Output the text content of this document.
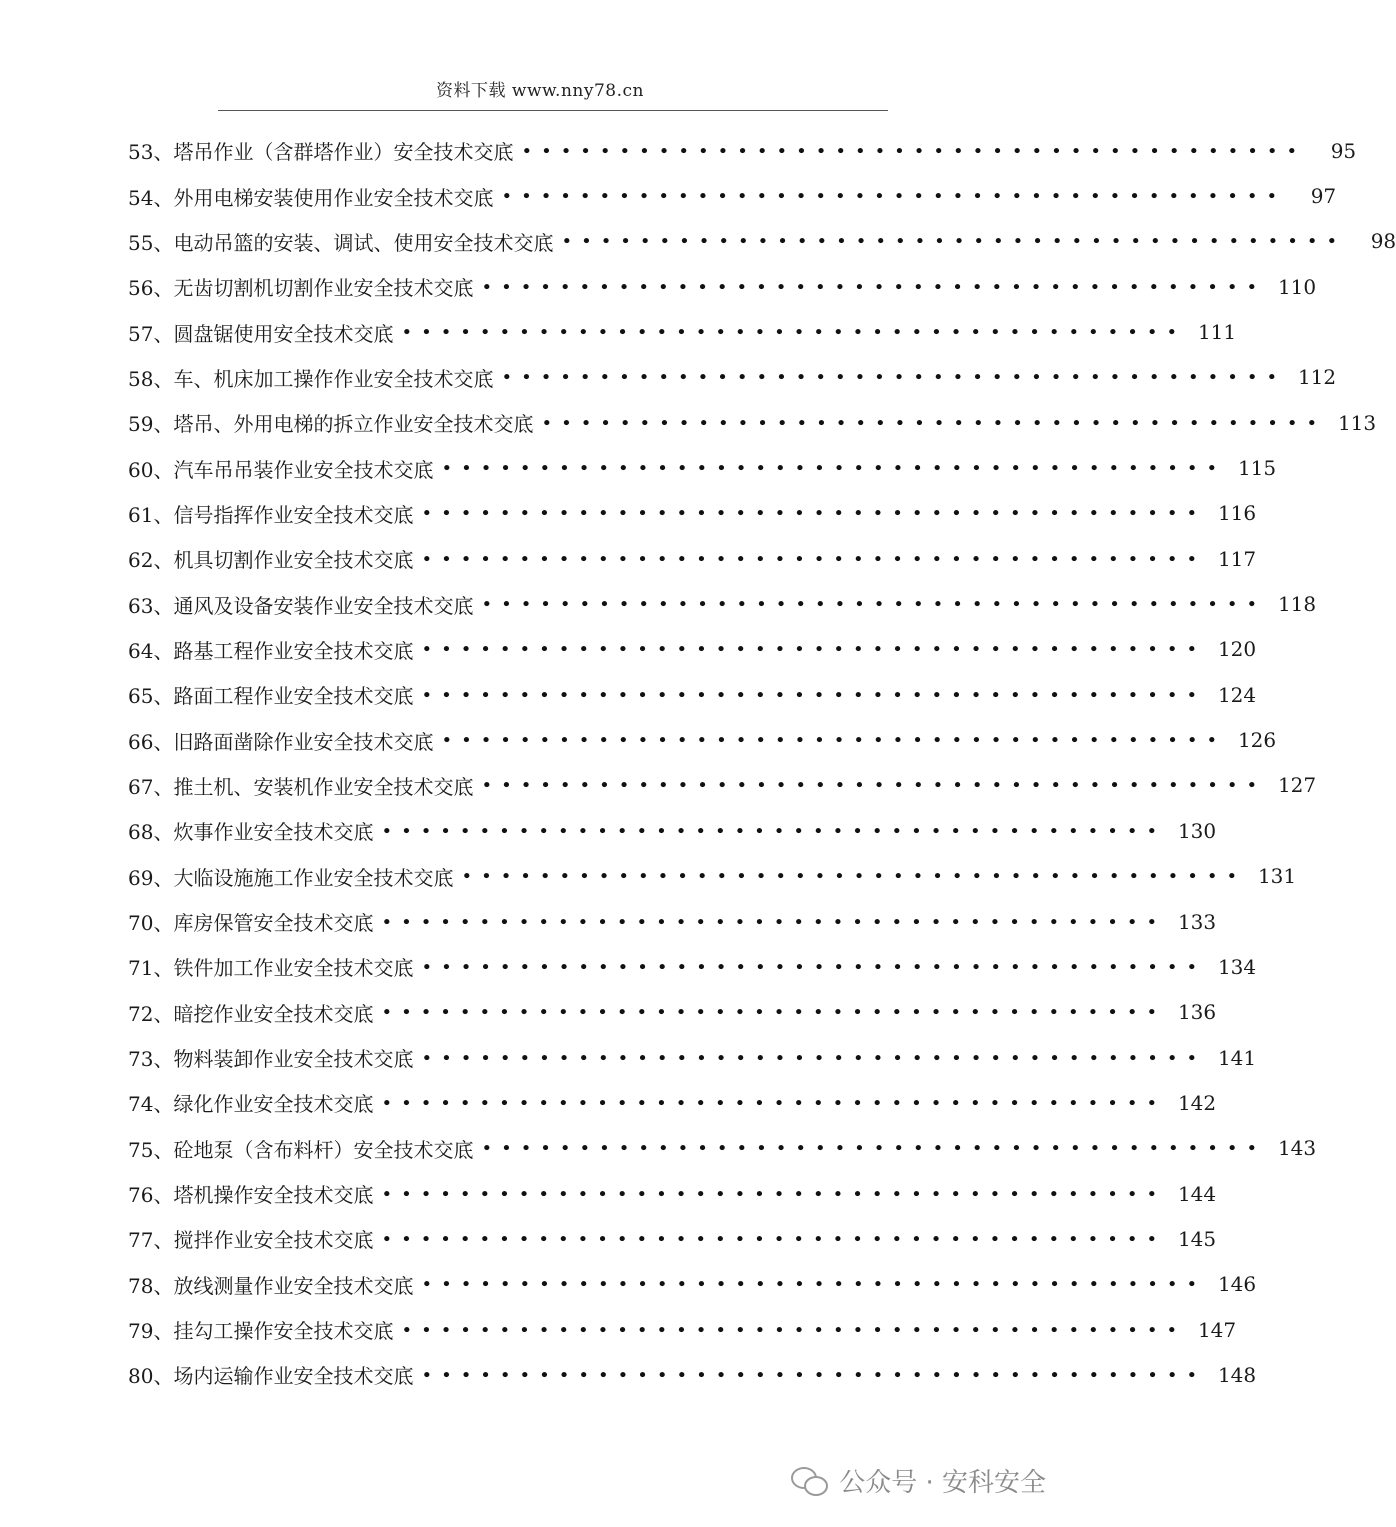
资料下载 www.nny78.cn
53、 塔吊作业（含群塔作业）安全技术交底 ••••••••••••••••••••••••••••••••••••••••	95
54、 外用电梯安装使用作业安全技术交底 ••••••••••••••••••••••••••••••••••••••••	97
55、 电动吊篮的安装、调试、使用安全技术交底 ••••••••••••••••••••••••••••••••••••••••	98
56、 无齿切割机切割作业安全技术交底 •••••••••••••••••••••••••••••••••••••••• 110
57、 圆盘锯使用安全技术交底 •••••••••••••••••••••••••••••••••••••••• 111
58、 车、机床加工操作作业安全技术交底 •••••••••••••••••••••••••••••••••••••••• 112
59、 塔吊、外用电梯的拆立作业安全技术交底 •••••••••••••••••••••••••••••••••••••••• 113
60、 汽车吊吊装作业安全技术交底 •••••••••••••••••••••••••••••••••••••••• 115
61、 信号指挥作业安全技术交底 •••••••••••••••••••••••••••••••••••••••• 116
62、 机具切割作业安全技术交底 •••••••••••••••••••••••••••••••••••••••• 117
63、 通风及设备安装作业安全技术交底 •••••••••••••••••••••••••••••••••••••••• 118
64、 路基工程作业安全技术交底 •••••••••••••••••••••••••••••••••••••••• 120
65、 路面工程作业安全技术交底 •••••••••••••••••••••••••••••••••••••••• 124
66、 旧路面凿除作业安全技术交底 •••••••••••••••••••••••••••••••••••••••• 126
67、 推土机、安装机作业安全技术交底 •••••••••••••••••••••••••••••••••••••••• 127
68、 炊事作业安全技术交底 •••••••••••••••••••••••••••••••••••••••• 130
69、 大临设施施工作业安全技术交底 •••••••••••••••••••••••••••••••••••••••• 131
70、 库房保管安全技术交底 •••••••••••••••••••••••••••••••••••••••• 133
71、 铁件加工作业安全技术交底 •••••••••••••••••••••••••••••••••••••••• 134
72、 暗挖作业安全技术交底 •••••••••••••••••••••••••••••••••••••••• 136
73、 物料装卸作业安全技术交底 •••••••••••••••••••••••••••••••••••••••• 141
74、 绿化作业安全技术交底 •••••••••••••••••••••••••••••••••••••••• 142
75、 砼地泵（含布料杆）安全技术交底 •••••••••••••••••••••••••••••••••••••••• 143
76、 塔机操作安全技术交底 •••••••••••••••••••••••••••••••••••••••• 144
77、 搅拌作业安全技术交底 •••••••••••••••••••••••••••••••••••••••• 145
78、 放线测量作业安全技术交底 •••••••••••••••••••••••••••••••••••••••• 146
79、 挂勾工操作安全技术交底 •••••••••••••••••••••••••••••••••••••••• 147
80、 场内运输作业安全技术交底 •••••••••••••••••••••••••••••••••••••••• 148
公众号 · 安科安全
